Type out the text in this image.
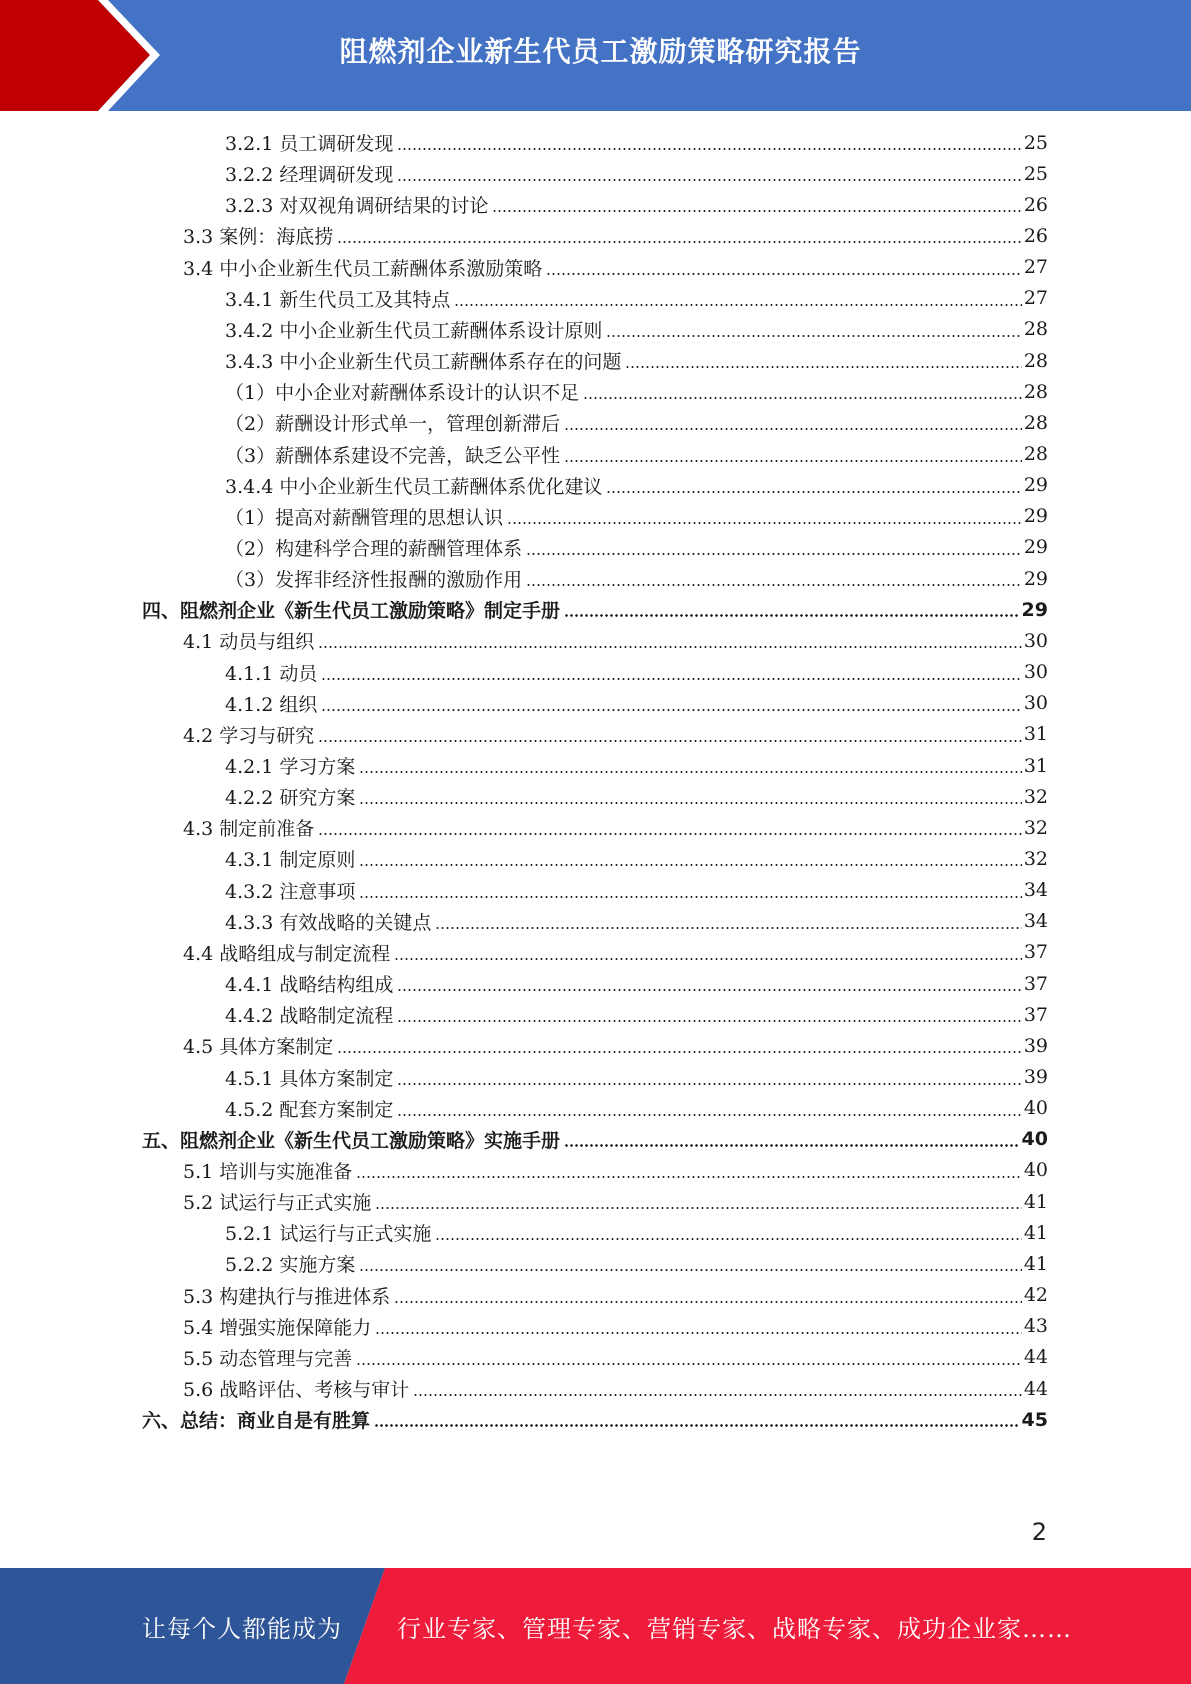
阻燃剂企业新生代员工激励策略研究报告
3.2.1 员工调研发现	25
3.2.2 经理调研发现	25
3.2.3 对双视角调研结果的讨论	26
3.3 案例：海底捞	26
3.4 中小企业新生代员工薪酬体系激励策略	27
3.4.1 新生代员工及其特点	27
3.4.2 中小企业新生代员工薪酬体系设计原则	28
3.4.3 中小企业新生代员工薪酬体系存在的问题	28
（1）中小企业对薪酬体系设计的认识不足	28
（2）薪酬设计形式单一，管理创新滞后	28
（3）薪酬体系建设不完善，缺乏公平性	28
3.4.4 中小企业新生代员工薪酬体系优化建议	29
（1）提高对薪酬管理的思想认识	29
（2）构建科学合理的薪酬管理体系	29
（3）发挥非经济性报酬的激励作用	29
四、阻燃剂企业《新生代员工激励策略》制定手册	29
4.1 动员与组织	30
4.1.1 动员	30
4.1.2 组织	30
4.2 学习与研究	31
4.2.1 学习方案	31
4.2.2 研究方案	32
4.3 制定前准备	32
4.3.1 制定原则	32
4.3.2 注意事项	34
4.3.3 有效战略的关键点	34
4.4 战略组成与制定流程	37
4.4.1 战略结构组成	37
4.4.2 战略制定流程	37
4.5 具体方案制定	39
4.5.1 具体方案制定	39
4.5.2 配套方案制定	40
五、阻燃剂企业《新生代员工激励策略》实施手册	40
5.1 培训与实施准备	40
5.2 试运行与正式实施	41
5.2.1 试运行与正式实施	41
5.2.2 实施方案	41
5.3 构建执行与推进体系	42
5.4 增强实施保障能力	43
5.5 动态管理与完善	44
5.6 战略评估、考核与审计	44
六、总结：商业自是有胜算	45
2
让每个人都能成为 行业专家、管理专家、营销专家、战略专家、成功企业家……
